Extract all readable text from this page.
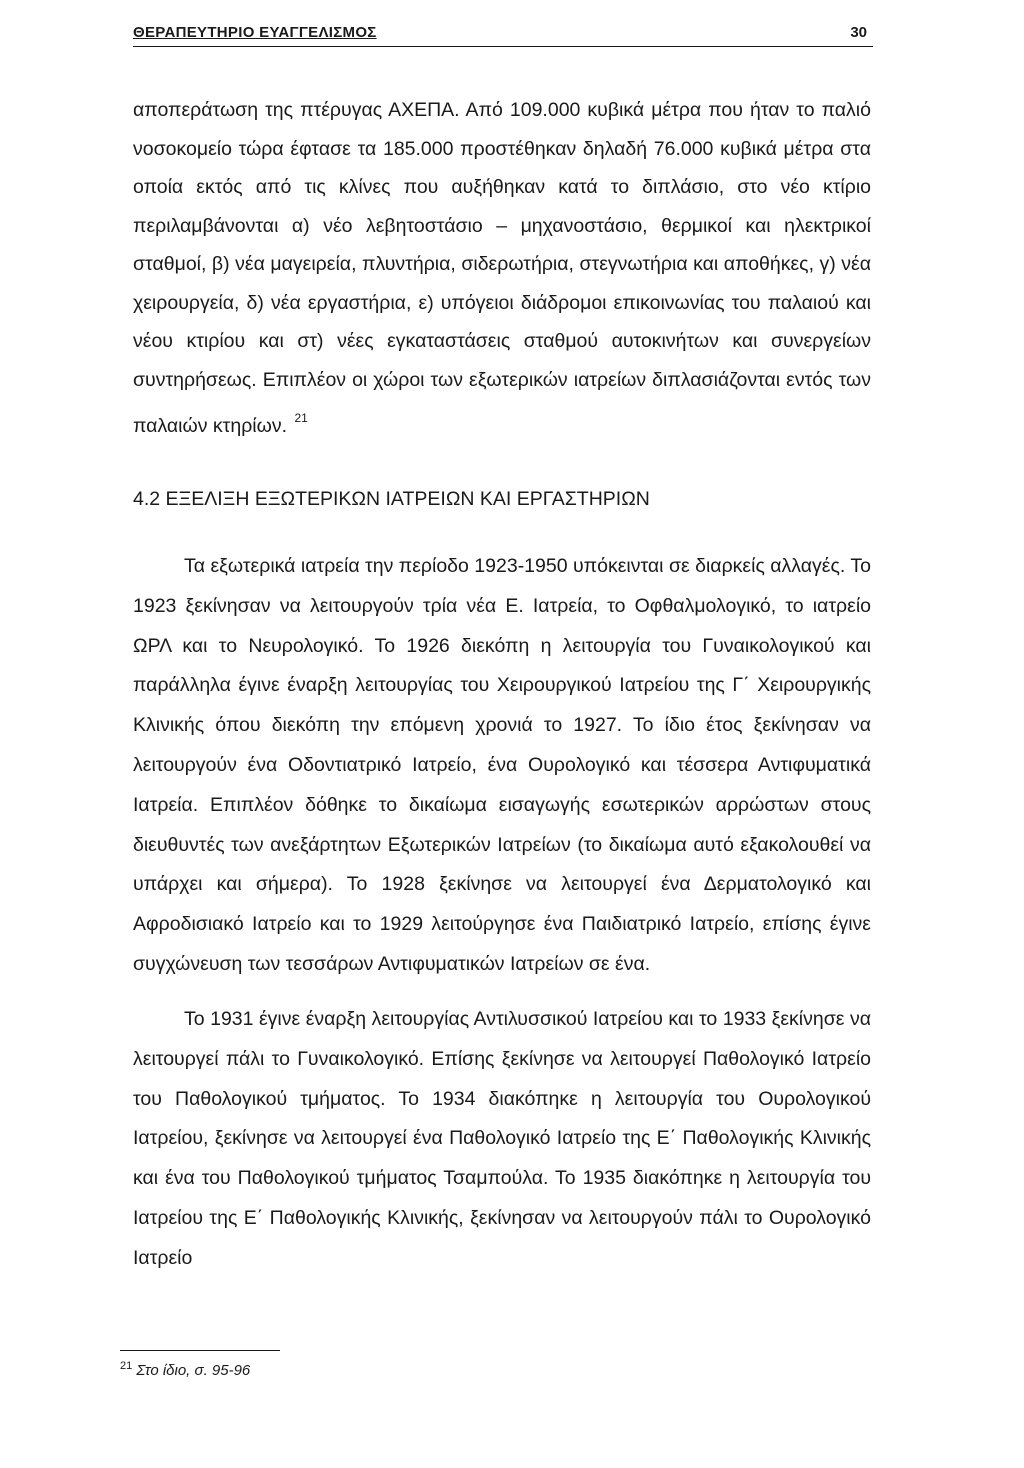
ΘΕΡΑΠΕΥΤΗΡΙΟ ΕΥΑΓΓΕΛΙΣΜΟΣ	30
αποπεράτωση της πτέρυγας ΑΧΕΠΑ. Από 109.000 κυβικά μέτρα που ήταν το παλιό νοσοκομείο τώρα έφτασε τα 185.000 προστέθηκαν δηλαδή 76.000 κυβικά μέτρα στα οποία εκτός από τις κλίνες που αυξήθηκαν κατά το διπλάσιο, στο νέο κτίριο περιλαμβάνονται α) νέο λεβητοστάσιο – μηχανοστάσιο, θερμικοί και ηλεκτρικοί σταθμοί, β) νέα μαγειρεία, πλυντήρια, σιδερωτήρια, στεγνωτήρια και αποθήκες, γ) νέα χειρουργεία, δ) νέα εργαστήρια, ε) υπόγειοι διάδρομοι επικοινωνίας του παλαιού και νέου κτιρίου και στ) νέες εγκαταστάσεις σταθμού αυτοκινήτων και συνεργείων συντηρήσεως. Επιπλέον οι χώροι των εξωτερικών ιατρείων διπλασιάζονται εντός των παλαιών κτηρίων. $^{21}$
4.2 ΕΞΕΛΙΞΗ ΕΞΩΤΕΡΙΚΩΝ ΙΑΤΡΕΙΩΝ ΚΑΙ ΕΡΓΑΣΤΗΡΙΩΝ
Τα εξωτερικά ιατρεία την περίοδο 1923-1950 υπόκεινται σε διαρκείς αλλαγές. Το 1923 ξεκίνησαν να λειτουργούν τρία νέα Ε. Ιατρεία, το Οφθαλμολογικό, το ιατρείο ΩΡΛ και το Νευρολογικό. Το 1926 διεκόπη η λειτουργία του Γυναικολογικού και παράλληλα έγινε έναρξη λειτουργίας του Χειρουργικού Ιατρείου της Γ΄ Χειρουργικής Κλινικής όπου διεκόπη την επόμενη χρονιά το 1927. Το ίδιο έτος ξεκίνησαν να λειτουργούν ένα Οδοντιατρικό Ιατρείο, ένα Ουρολογικό και τέσσερα Αντιφυματικά Ιατρεία. Επιπλέον δόθηκε το δικαίωμα εισαγωγής εσωτερικών αρρώστων στους διευθυντές των ανεξάρτητων Εξωτερικών Ιατρείων (το δικαίωμα αυτό εξακολουθεί να υπάρχει και σήμερα). Το 1928 ξεκίνησε να λειτουργεί ένα Δερματολογικό και Αφροδισιακό Ιατρείο και το 1929 λειτούργησε ένα Παιδιατρικό Ιατρείο, επίσης έγινε συγχώνευση των τεσσάρων Αντιφυματικών Ιατρείων σε ένα.
Το 1931 έγινε έναρξη λειτουργίας Αντιλυσσικού Ιατρείου και το 1933 ξεκίνησε να λειτουργεί πάλι το Γυναικολογικό. Επίσης ξεκίνησε να λειτουργεί Παθολογικό Ιατρείο του Παθολογικού τμήματος. Το 1934 διακόπηκε η λειτουργία του Ουρολογικού Ιατρείου, ξεκίνησε να λειτουργεί ένα Παθολογικό Ιατρείο της Ε΄ Παθολογικής Κλινικής και ένα του Παθολογικού τμήματος Τσαμπούλα. Το 1935 διακόπηκε η λειτουργία του Ιατρείου της Ε΄ Παθολογικής Κλινικής, ξεκίνησαν να λειτουργούν πάλι το Ουρολογικό Ιατρείο
$^{21}$ Στο ίδιο, σ. 95-96
